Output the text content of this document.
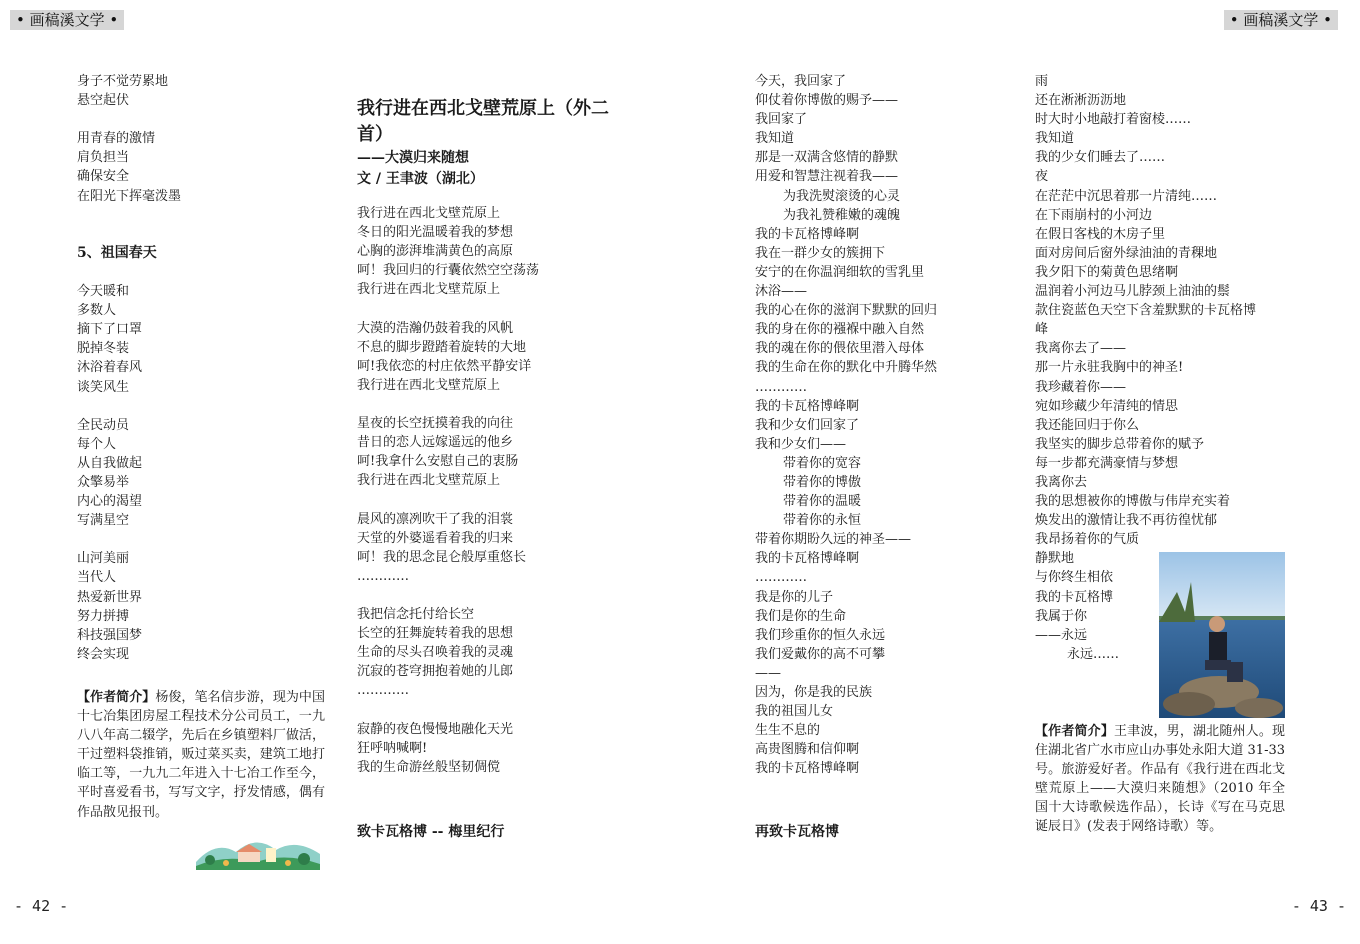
• 画稿溪文学 •	• 画稿溪文学 •
身子不觉劳累地
悬空起伏
用青春的激情
肩负担当
确保安全
在阳光下挥毫泼墨
5、祖国春天
今天暖和
多数人
摘下了口罩
脱掉冬装
沐浴着春风
谈笑风生
全民动员
每个人
从自我做起
众擎易举
内心的渴望
写满星空
山河美丽
当代人
热爱新世界
努力拼搏
科技强国梦
终会实现
【作者简介】杨俊，笔名信步游，现为中国十七冶集团房屋工程技术分公司员工，一九八八年高二辍学，先后在乡镇塑料厂做活，干过塑料袋推销，贩过菜买卖，建筑工地打临工等，一九九二年进入十七冶工作至今，平时喜爱看书，写写文字，抒发情感，偶有作品散见报刊。
我行进在西北戈壁荒原上（外二首）
——大漠归来随想
文 / 王聿波（湖北）
我行进在西北戈壁荒原上
冬日的阳光温暖着我的梦想
心胸的澎湃堆满黄色的高原
呵！我回归的行囊依然空空荡荡
我行进在西北戈壁荒原上
大漠的浩瀚仍鼓着我的风帆
不息的脚步蹬踏着旋转的大地
呵!我依恋的村庄依然平静安详
我行进在西北戈壁荒原上
星夜的长空抚摸着我的向往
昔日的恋人远嫁遥远的他乡
呵!我拿什么安慰自己的衷肠
我行进在西北戈壁荒原上
晨风的凛冽吹干了我的泪裳
天堂的外婆遥看着我的归来
呵！我的思念昆仑般厚重悠长
…………
我把信念托付给长空
长空的狂舞旋转着我的思想
生命的尽头召唤着我的灵魂
沉寂的苍穹拥抱着她的儿郎
…………
寂静的夜色慢慢地融化天光
狂呼呐喊啊!
我的生命游丝般坚韧倜傥
致卡瓦格博 -- 梅里纪行
今天，我回家了
仰仗着你博傲的赐予——
我回家了
我知道
那是一双满含悠情的静默
用爱和智慧注视着我——
为我洗熨滚烫的心灵
为我礼赞稚嫩的魂魄
我的卡瓦格博峰啊
我在一群少女的簇拥下
安宁的在你温润细软的雪乳里
沐浴——
我的心在你的滋润下默默的回归
我的身在你的襁褓中融入自然
我的魂在你的偎依里潜入母体
我的生命在你的默化中升腾华然
…………
我的卡瓦格博峰啊
我和少女们回家了
我和少女们——
带着你的宽容
带着你的博傲
带着你的温暖
带着你的永恒
带着你期盼久远的神圣——
我的卡瓦格博峰啊
…………
我是你的儿子
我们是你的生命
我们珍重你的恒久永远
我们爱戴你的高不可攀
——
因为，你是我的民族
我的祖国儿女
生生不息的
高贵图腾和信仰啊
我的卡瓦格博峰啊
再致卡瓦格博
雨
还在淅淅沥沥地
时大时小地敲打着窗棱……
我知道
我的少女们睡去了……
夜
在茫茫中沉思着那一片清纯……
在下雨崩村的小河边
在假日客栈的木房子里
面对房间后窗外绿油油的青稞地
我夕阳下的菊黄色思绪啊
温润着小河边马儿脖颈上油油的鬃
款住瓷蓝色天空下含羞默默的卡瓦格博
峰
我离你去了——
那一片永驻我胸中的神圣!
我珍藏着你——
宛如珍藏少年清纯的情思
我还能回归于你么
我坚实的脚步总带着你的赋予
每一步都充满豪情与梦想
我离你去
我的思想被你的博傲与伟岸充实着
焕发出的激情让我不再彷徨忧郁
我昂扬着你的气质
静默地
与你终生相依
我的卡瓦格博
我属于你
——永远
永远……
【作者简介】王聿波，男，湖北随州人。现住湖北省广水市应山办事处永阳大道 31-33 号。旅游爱好者。作品有《我行进在西北戈壁荒原上——大漠归来随想》（2010 年全国十大诗歌候选作品），长诗《写在马克思诞辰日》(发表于网络诗歌）等。
- 42 -	- 43 -
